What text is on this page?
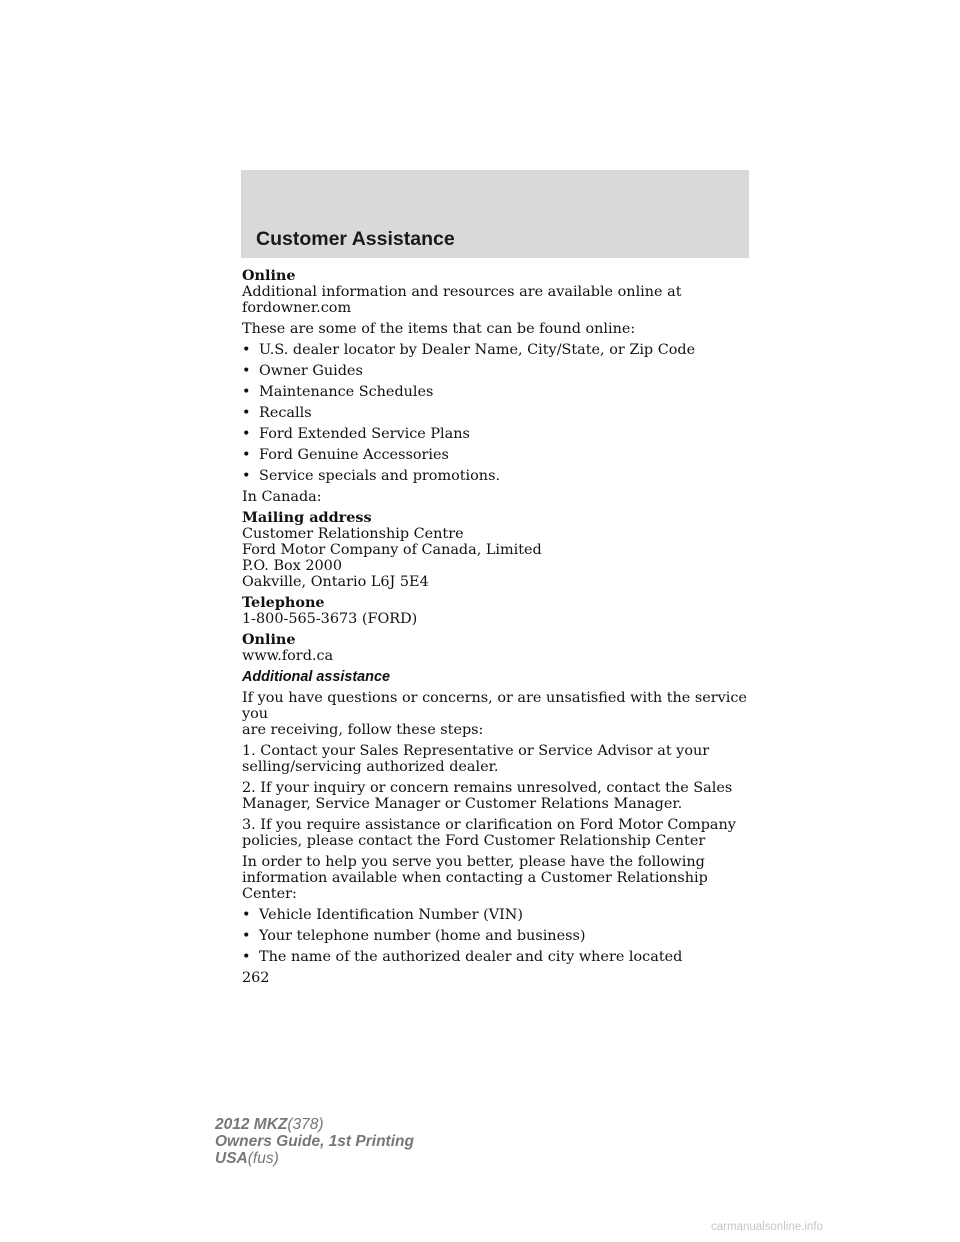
Customer Assistance

Online

Additional information and resources are available online at

fordowner.com

These are some of the items that can be found online:

• U.S. dealer locator by Dealer Name, City/State, or Zip Code
• Owner Guides
• Maintenance Schedules
• Recalls
• Ford Extended Service Plans
• Ford Genuine Accessories
• Service specials and promotions.

In Canada:

Mailing address

Customer Relationship Centre

Ford Motor Company of Canada, Limited

P.O. Box 2000

Oakville, Ontario L6J 5E4

Telephone

1-800-565-3673 (FORD)

Online

www.ford.ca

Additional assistance

If you have questions or concerns, or are unsatisfied with the service you

are receiving, follow these steps:

1. Contact your Sales Representative or Service Advisor at your

selling/servicing authorized dealer.

2. If your inquiry or concern remains unresolved, contact the Sales

Manager, Service Manager or Customer Relations Manager.

3. If you require assistance or clarification on Ford Motor Company

policies, please contact the Ford Customer Relationship Center

In order to help you serve you better, please have the following

information available when contacting a Customer Relationship Center:

• Vehicle Identification Number (VIN)
• Your telephone number (home and business)
• The name of the authorized dealer and city where located

262

2012 MKZ(378)
Owners Guide, 1st Printing
USA(fus)
carmanualsonline.info
